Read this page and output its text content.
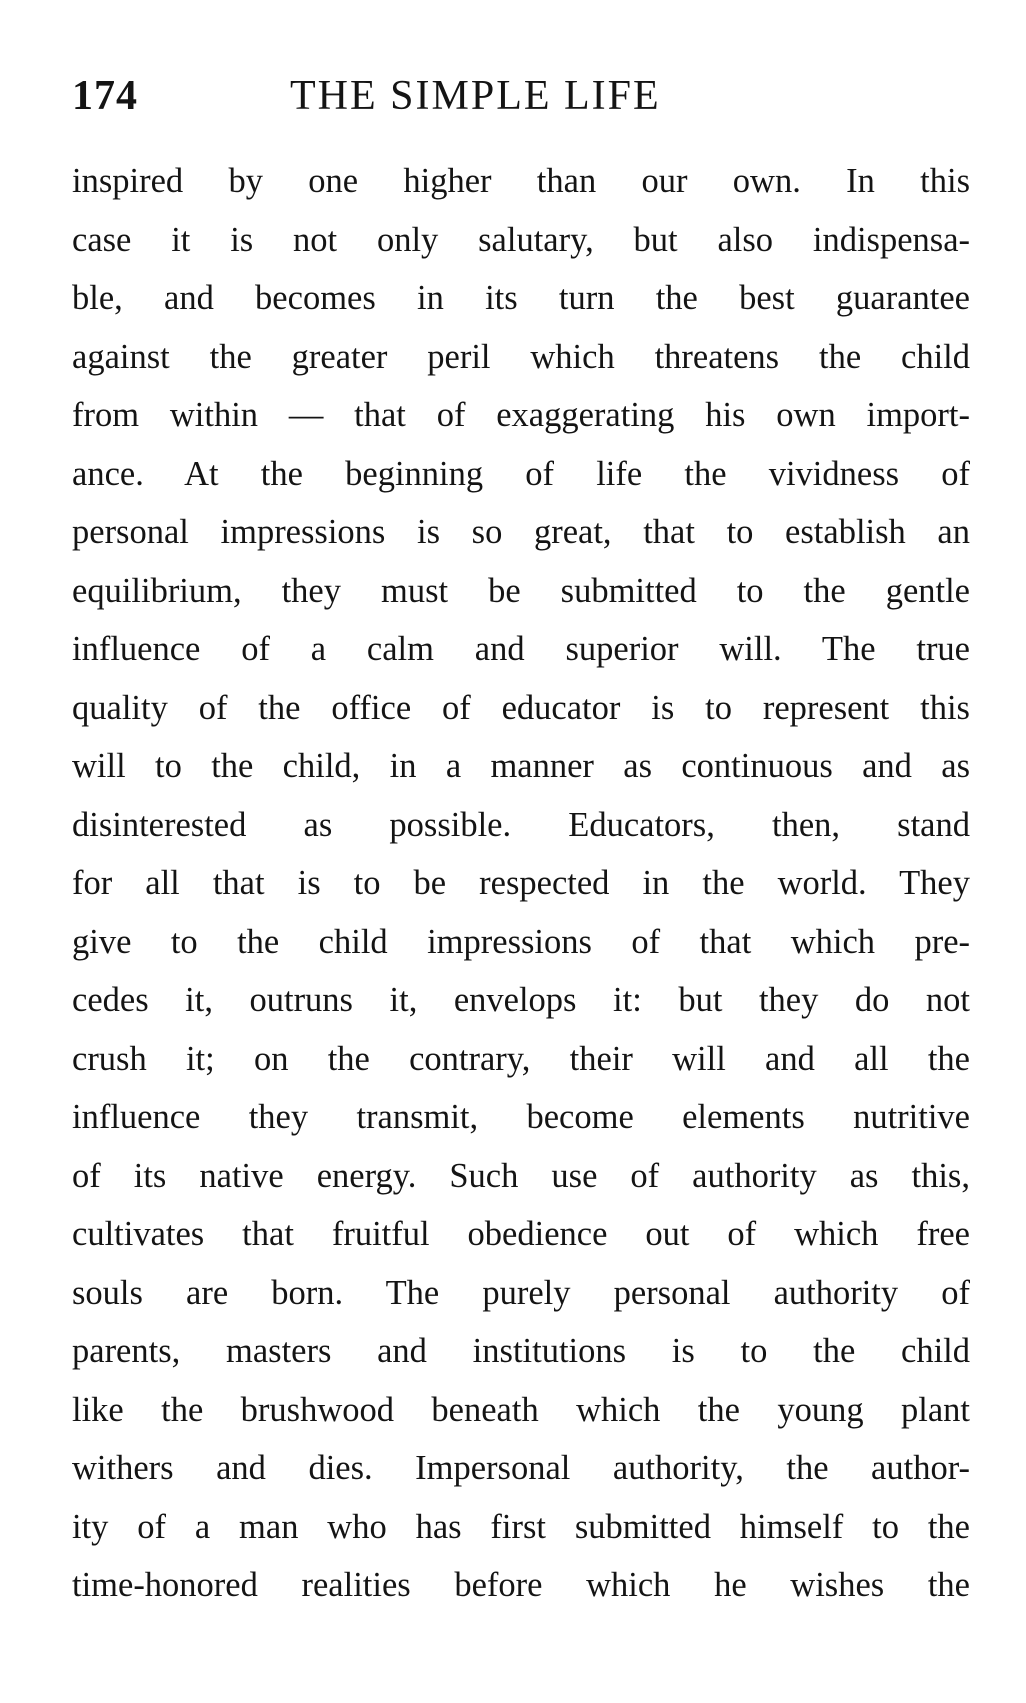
174	THE SIMPLE LIFE
inspired by one higher than our own. In this
case it is not only salutary, but also indispensa-
ble, and becomes in its turn the best guarantee
against the greater peril which threatens the child
from within — that of exaggerating his own import-
ance. At the beginning of life the vividness of
personal impressions is so great, that to establish an
equilibrium, they must be submitted to the gentle
influence of a calm and superior will. The true
quality of the office of educator is to represent this
will to the child, in a manner as continuous and as
disinterested as possible. Educators, then, stand
for all that is to be respected in the world. They
give to the child impressions of that which pre-
cedes it, outruns it, envelops it: but they do not
crush it; on the contrary, their will and all the
influence they transmit, become elements nutritive
of its native energy. Such use of authority as this,
cultivates that fruitful obedience out of which free
souls are born. The purely personal authority of
parents, masters and institutions is to the child
like the brushwood beneath which the young plant
withers and dies. Impersonal authority, the author-
ity of a man who has first submitted himself to the
time-honored realities before which he wishes the
